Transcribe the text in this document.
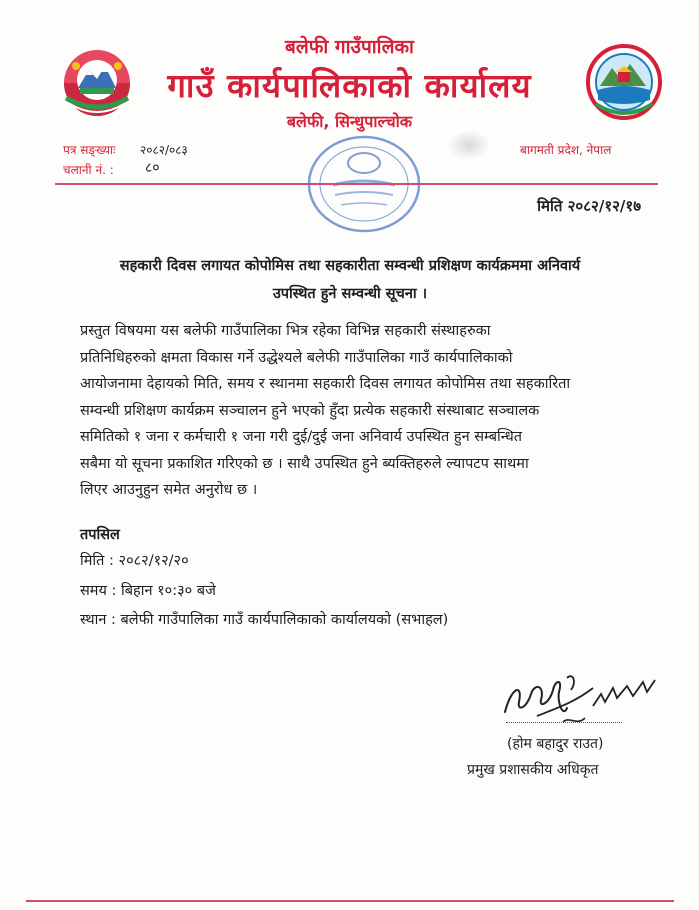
बलेफी गाउँपालिका
गाउँ कार्यपालिकाको कार्यालय
बलेफी, सिन्धुपाल्चोक
पत्र सङ्ख्याः २०८२/०८३
चलानी नं. : ८०
बागमती प्रदेश, नेपाल
मिति २०८२/१२/१७
सहकारी दिवस लगायत कोपोमिस तथा सहकारीता सम्वन्धी प्रशिक्षण कार्यक्रममा अनिवार्य
उपस्थित हुने सम्वन्धी सूचना ।
प्रस्तुत विषयमा यस बलेफी गाउँपालिका भित्र रहेका विभिन्न सहकारी संस्थाहरुका
प्रतिनिधिहरुको क्षमता विकास गर्ने उद्धेश्यले बलेफी गाउँपालिका गाउँ कार्यपालिकाको
आयोजनामा देहायको मिति, समय र स्थानमा सहकारी दिवस लगायत कोपोमिस तथा सहकारिता
सम्वन्धी प्रशिक्षण कार्यक्रम सञ्चालन हुने भएको हुँदा प्रत्येक सहकारी संस्थाबाट सञ्चालक
समितिको १ जना र कर्मचारी १ जना गरी दुई/दुई जना अनिवार्य उपस्थित हुन सम्बन्धित
सबैमा यो सूचना प्रकाशित गरिएको छ । साथै उपस्थित हुने ब्यक्तिहरुले ल्यापटप साथमा
लिएर आउनुहुन समेत अनुरोध छ ।
तपसिल
मिति : २०८२/१२/२०
समय : बिहान १०:३० बजे
स्थान : बलेफी गाउँपालिका गाउँ कार्यपालिकाको कार्यालयको (सभाहल)
(होम बहादुर राउत)
प्रमुख प्रशासकीय अधिकृत
